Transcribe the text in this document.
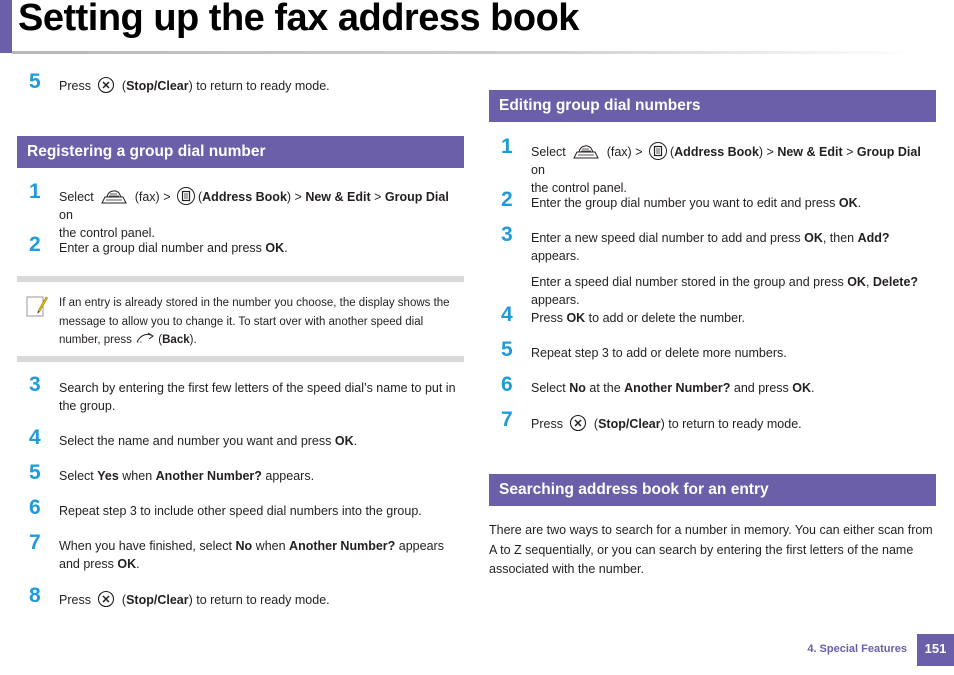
Setting up the fax address book
5 Press  (Stop/Clear) to return to ready mode.
Registering a group dial number
1 Select	(fax) > (Address Book) > New & Edit > Group Dial on
the control panel.
2 Enter a group dial number and press OK.
If an entry is already stored in the number you choose, the display shows the
message to allow you to change it. To start over with another speed dial
number, press (Back).
3 Search by entering the first few letters of the speed dial’s name to put in
the group.
4 Select the name and number you want and press OK.
5 Select Yes when Another Number? appears.
6 Repeat step 3 to include other speed dial numbers into the group.
7 When you have finished, select No when Another Number? appears
and press OK.
8 Press  (Stop/Clear) to return to ready mode.
Editing group dial numbers
1 Select	(fax) > (Address Book) > New & Edit > Group Dial on
the control panel.
2 Enter the group dial number you want to edit and press OK.
3 Enter a new speed dial number to add and press OK, then Add? appears.
Enter a speed dial number stored in the group and press OK, Delete?
appears.
4 Press OK to add or delete the number.
5 Repeat step 3 to add or delete more numbers.
6 Select No at the Another Number? and press OK.
7 Press  (Stop/Clear) to return to ready mode.
Searching address book for an entry
There are two ways to search for a number in memory. You can either scan from
A to Z sequentially, or you can search by entering the first letters of the name
associated with the number.
4. Special Features	151
